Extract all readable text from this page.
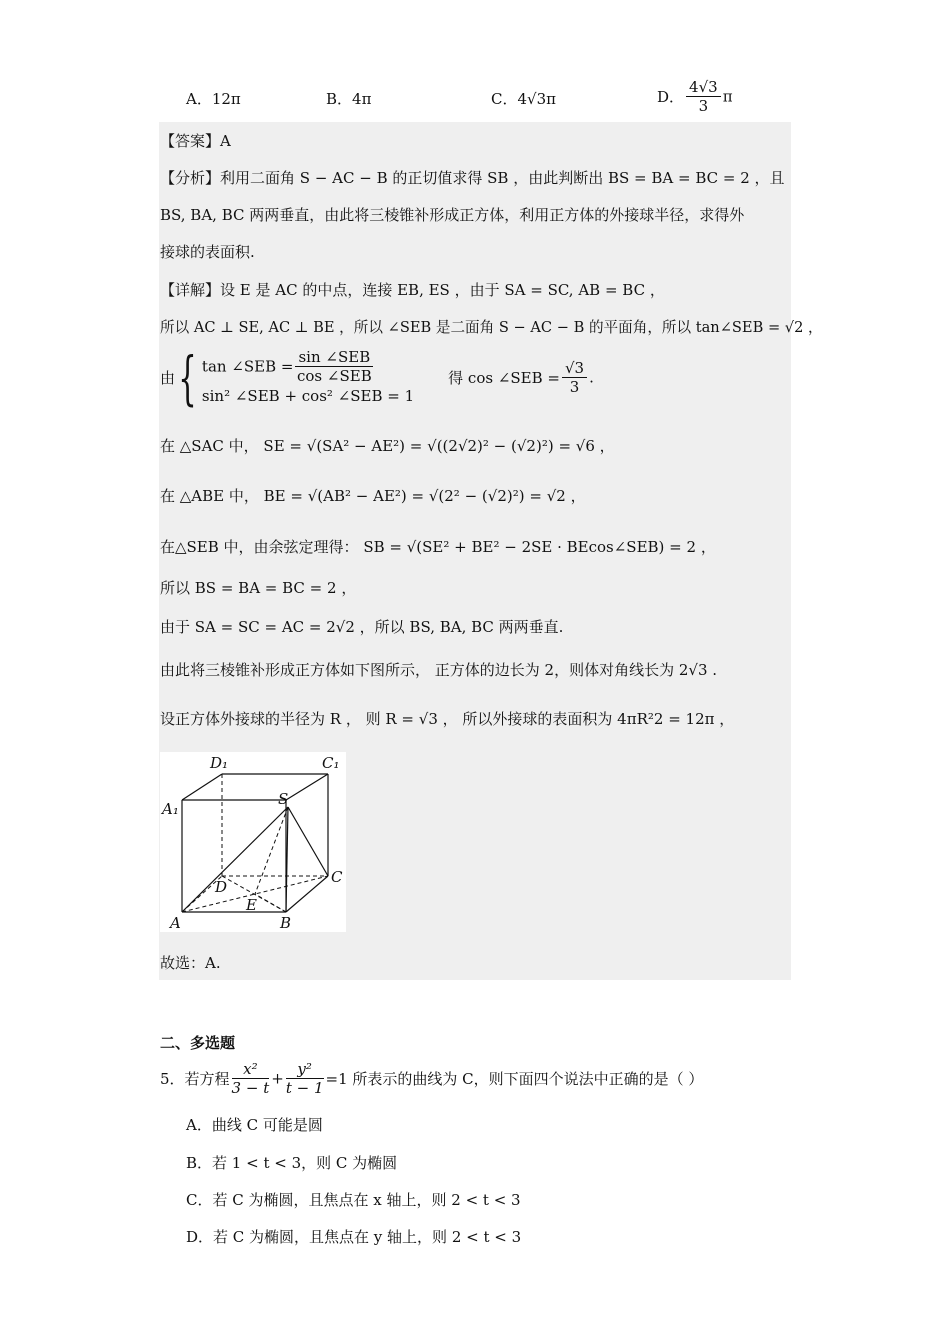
A．12π	B．4π	C．4√3π	D． $\frac{4√3}{3}$ π
【答案】A
【分析】利用二面角 S − AC − B 的正切值求得 SB ，由此判断出 BS = BA = BC = 2 ，且
BS, BA, BC 两两垂直，由此将三棱锥补形成正方体，利用正方体的外接球半径，求得外
接球的表面积.
【详解】设 E 是 AC 的中点，连接 EB, ES ，由于 SA = SC, AB = BC ，
所以 AC ⊥ SE, AC ⊥ BE ，所以 ∠SEB 是二面角 S − AC − B 的平面角，所以 tan∠SEB = √2 ，
由{ tan ∠SEB = $\frac{\text{sin ∠SEB}}{\text{cos ∠SEB}}$
sin² ∠SEB + cos² ∠SEB = 1
得 cos ∠SEB = $\frac{√3}{3}$ .
在 △SAC 中， SE = √(SA² − AE²) = √((2√2)² − (√2)²) = √6 ，
在 △ABE 中， BE = √(AB² − AE²) = √(2² − (√2)²) = √2 ，
在△SEB 中，由余弦定理得： SB = √(SE² + BE² − 2SE · BEcos∠SEB) = 2 ，
所以 BS = BA = BC = 2 ，
由于 SA = SC = AC = 2√2 ，所以 BS, BA, BC 两两垂直.
由此将三棱锥补形成正方体如下图所示， 正方体的边长为 2，则体对角线长为 2√3 .
设正方体外接球的半径为 R ， 则 R = √3 ， 所以外接球的表面积为 4πR²2 = 12π ，
D₁	C₁
A₁
S
C
D
E
A	B
故选：A.
二、多选题
5．若方程 $\frac{\text{x²}}{3 - t} + \frac{\text{y²}}{t - 1} =1$ 所表示的曲线为 C，则下面四个说法中正确的是（ ）
A．曲线 C 可能是圆
B．若 1 < t < 3，则 C 为椭圆
C．若 C 为椭圆，且焦点在 x 轴上，则 2 < t < 3
D．若 C 为椭圆，且焦点在 y 轴上，则 2 < t < 3
